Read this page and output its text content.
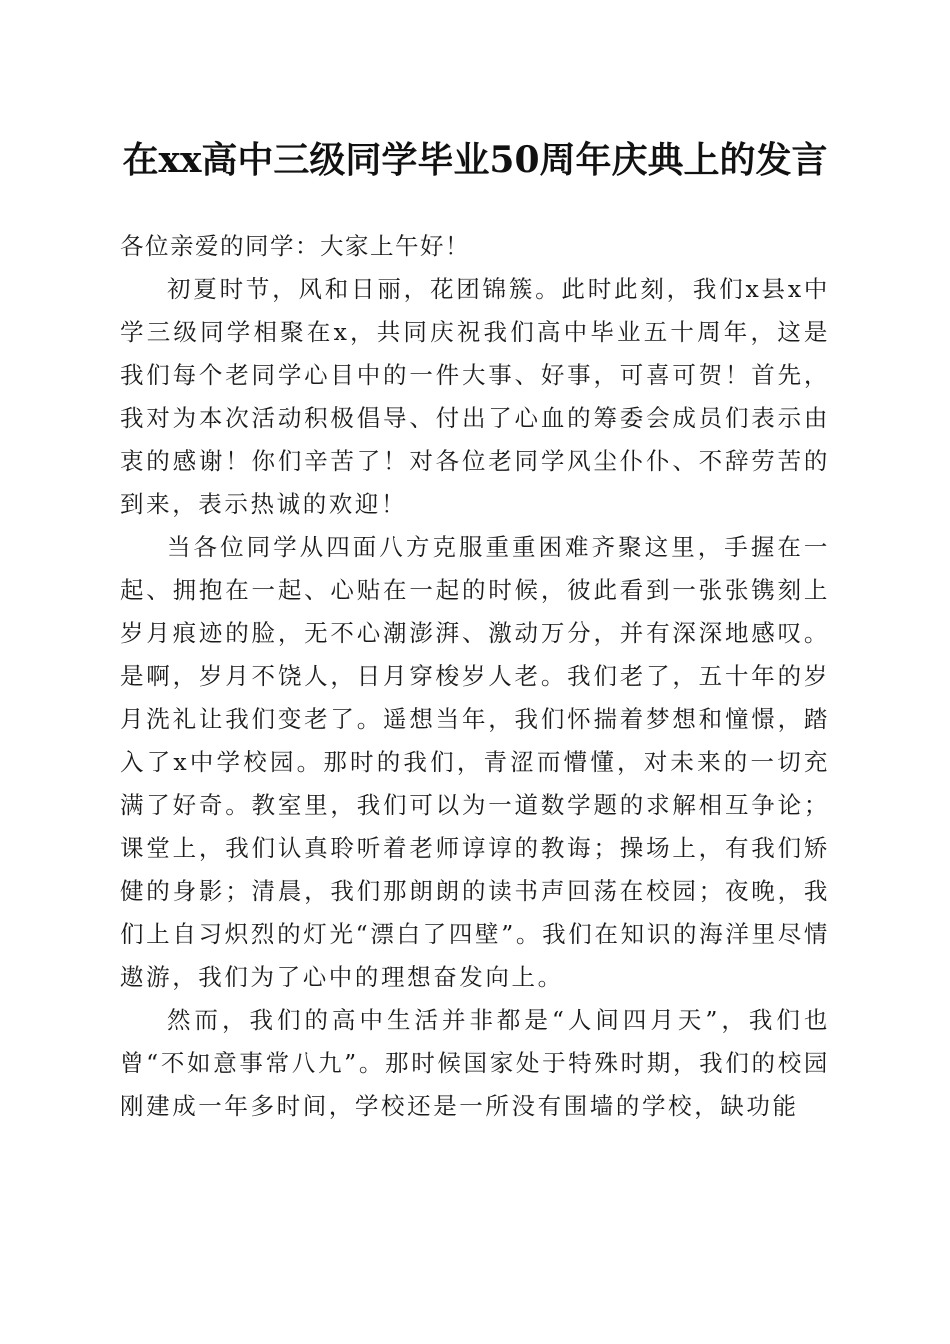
在xx高中三级同学毕业50周年庆典上的发言

各位亲爱的同学：大家上午好！

初夏时节，风和日丽，花团锦簇。此时此刻，我们x县x中学三级同学相聚在x，共同庆祝我们高中毕业五十周年，这是我们每个老同学心目中的一件大事、好事，可喜可贺！首先，我对为本次活动积极倡导、付出了心血的筹委会成员们表示由衷的感谢！你们辛苦了！对各位老同学风尘仆仆、不辞劳苦的到来，表示热诚的欢迎！

当各位同学从四面八方克服重重困难齐聚这里，手握在一起、拥抱在一起、心贴在一起的时候，彼此看到一张张镌刻上岁月痕迹的脸，无不心潮澎湃、激动万分，并有深深地感叹。是啊，岁月不饶人，日月穿梭岁人老。我们老了，五十年的岁月洗礼让我们变老了。遥想当年，我们怀揣着梦想和憧憬，踏入了x中学校园。那时的我们，青涩而懵懂，对未来的一切充满了好奇。教室里，我们可以为一道数学题的求解相互争论；课堂上，我们认真聆听着老师谆谆的教诲；操场上，有我们矫健的身影；清晨，我们那朗朗的读书声回荡在校园；夜晚，我们上自习炽烈的灯光“漂白了四壁”。我们在知识的海洋里尽情遨游，我们为了心中的理想奋发向上。

然而，我们的高中生活并非都是“人间四月天”，我们也曾“不如意事常八九”。那时候国家处于特殊时期，我们的校园刚建成一年多时间，学校还是一所没有围墙的学校，缺功能
